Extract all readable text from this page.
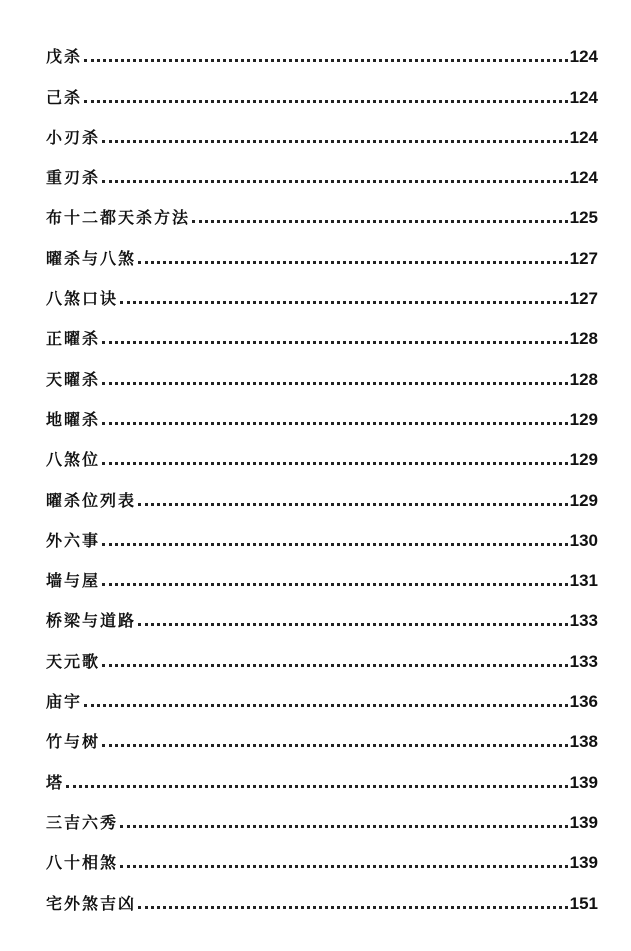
戊杀	124
己杀	124
小刃杀	124
重刃杀	124
布十二都天杀方法	125
曜杀与八煞	127
八煞口诀	127
正曜杀	128
天曜杀	128
地曜杀	129
八煞位	129
曜杀位列表	129
外六事	130
墙与屋	131
桥梁与道路	133
天元歌	133
庙宇	136
竹与树	138
塔	139
三吉六秀	139
八十相煞	139
宅外煞吉凶	151
